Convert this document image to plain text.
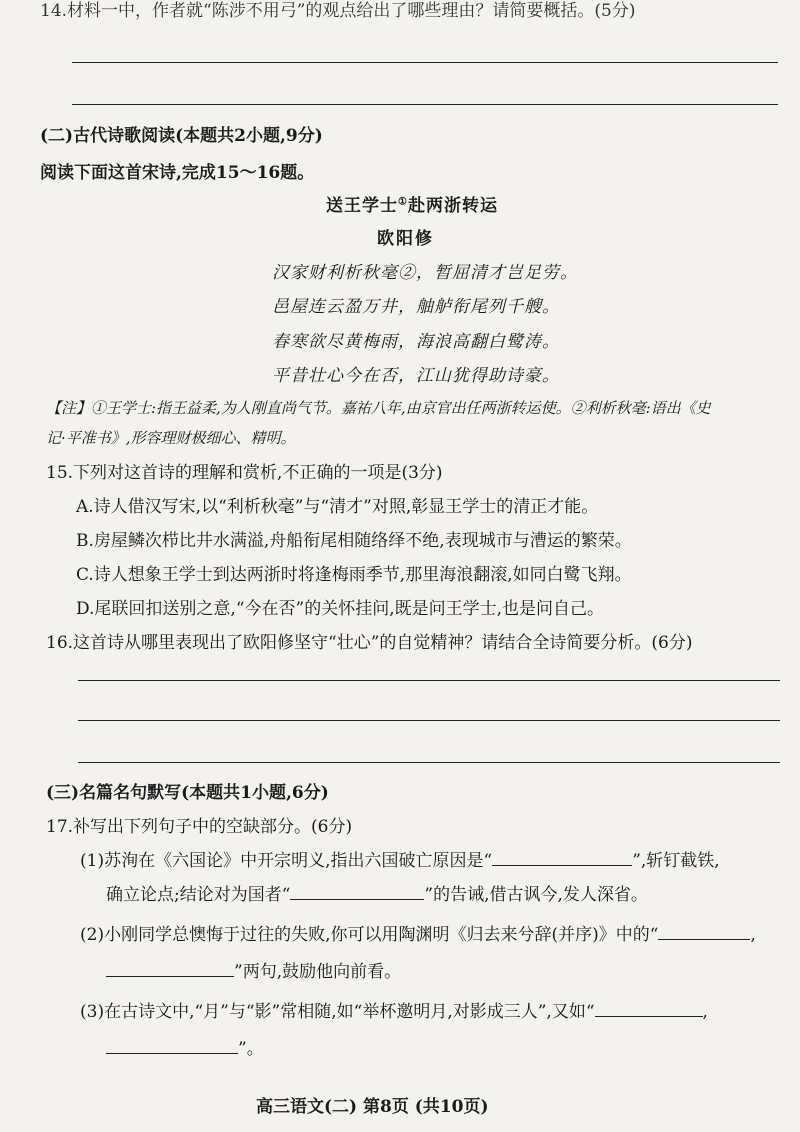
14.材料一中，作者就“陈涉不用弓”的观点给出了哪些理由？请简要概括。(5分)
(二)古代诗歌阅读(本题共2小题,9分)
阅读下面这首宋诗,完成15～16题。
送王学士①赴两浙转运
欧阳修
汉家财利析秋毫②，暂屈清才岂足劳。
邑屋连云盈万井，舳舻衔尾列千艘。
春寒欲尽黄梅雨，海浪高翻白鹭涛。
平昔壮心今在否，江山犹得助诗豪。
【注】①王学士:指王益柔,为人刚直尚气节。嘉祐八年,由京官出任两浙转运使。②利析秋毫:语出《史
记·平准书》,形容理财极细心、精明。
15.下列对这首诗的理解和赏析,不正确的一项是(3分)
A.诗人借汉写宋,以“利析秋毫”与“清才”对照,彰显王学士的清正才能。
B.房屋鳞次栉比井水满溢,舟船衔尾相随络绎不绝,表现城市与漕运的繁荣。
C.诗人想象王学士到达两浙时将逢梅雨季节,那里海浪翻滚,如同白鹭飞翔。
D.尾联回扣送别之意,“今在否”的关怀挂问,既是问王学士,也是问自己。
16.这首诗从哪里表现出了欧阳修坚守“壮心”的自觉精神？请结合全诗简要分析。(6分)
(三)名篇名句默写(本题共1小题,6分)
17.补写出下列句子中的空缺部分。(6分)
(1)苏洵在《六国论》中开宗明义,指出六国破亡原因是“	”,斩钉截铁,
确立论点;结论对为国者“	”的告诫,借古讽今,发人深省。
(2)小刚同学总懊悔于过往的失败,你可以用陶渊明《归去来兮辞(并序)》中的“	,
”两句,鼓励他向前看。
(3)在古诗文中,“月”与“影”常相随,如“举杯邀明月,对影成三人”,又如“	,
”。
高三语文(二) 第8页 (共10页)
